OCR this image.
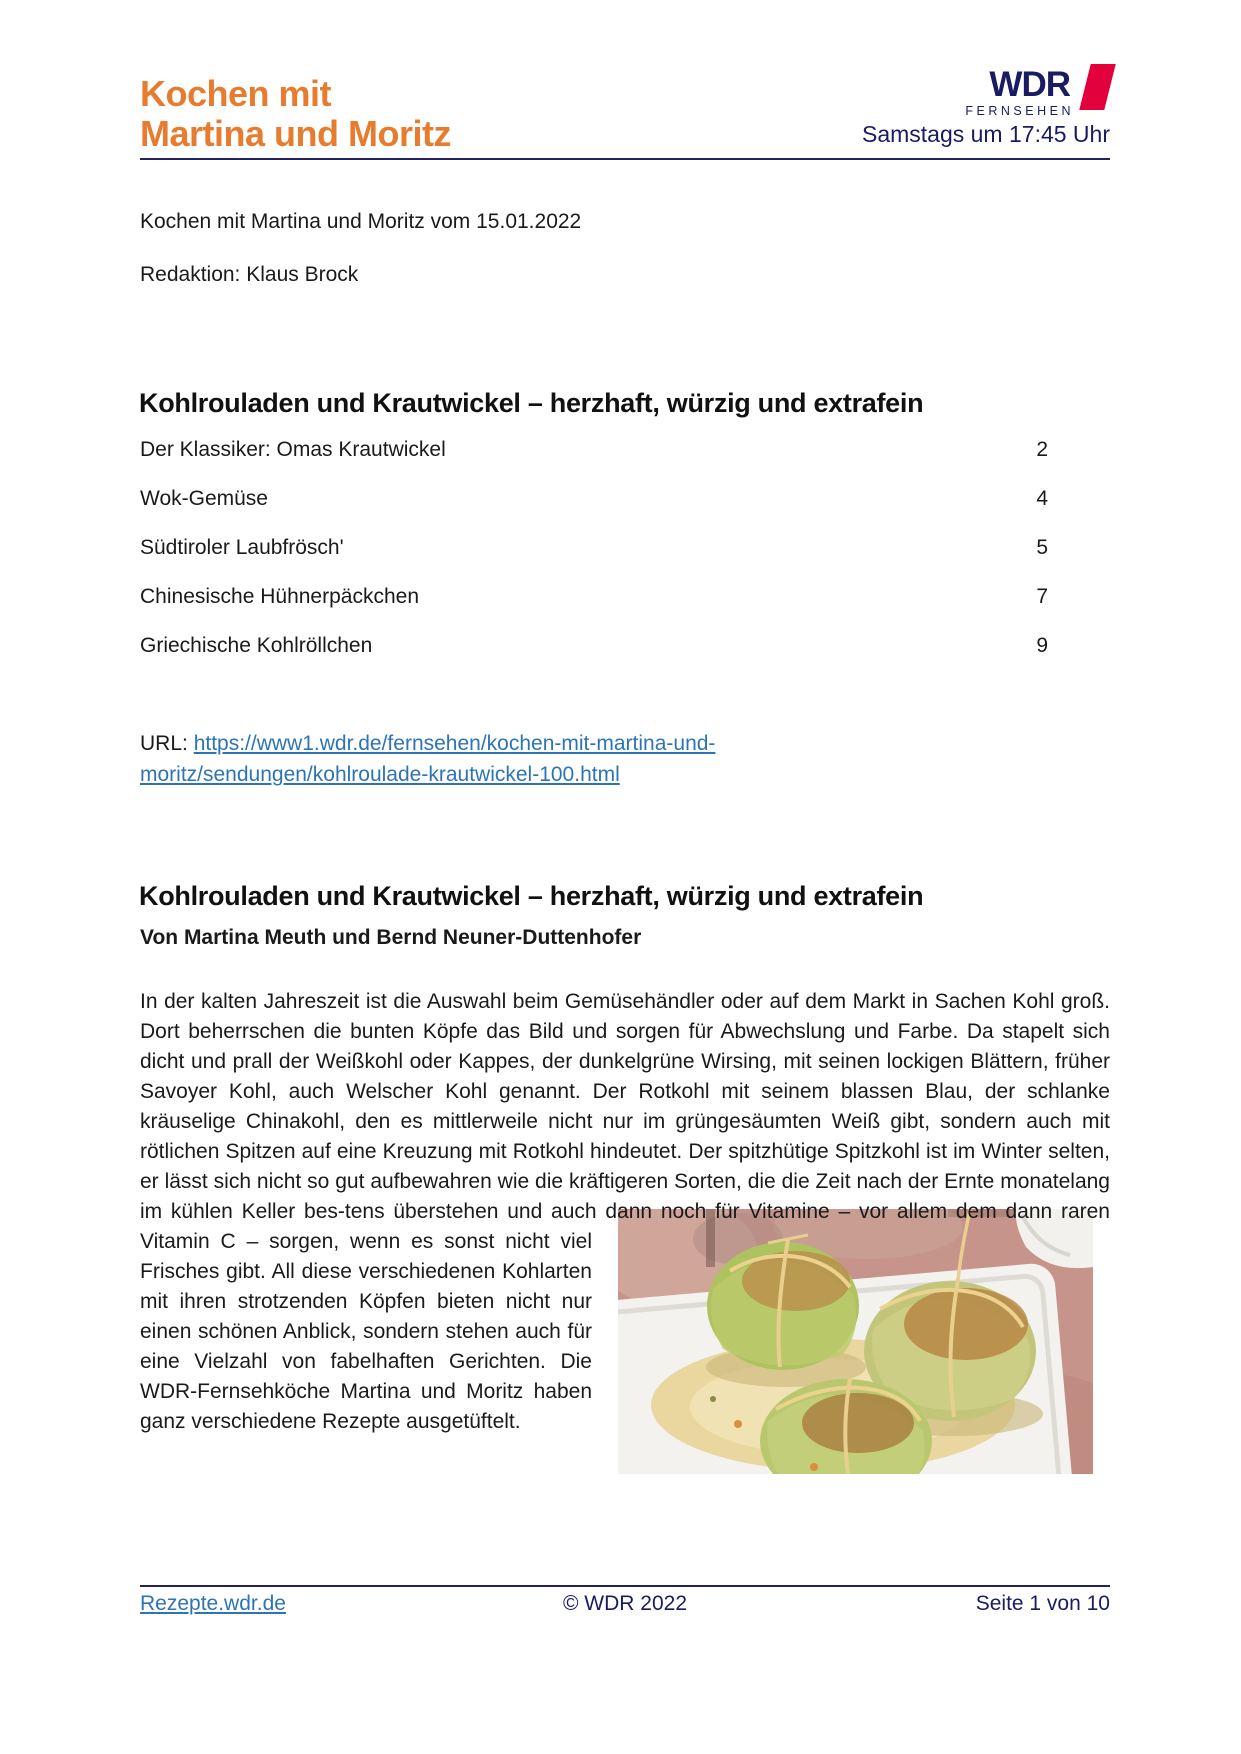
Kochen mit
Martina und Moritz
WDR
FERNSEHEN
Samstags um 17:45 Uhr
Kochen mit Martina und Moritz vom 15.01.2022
Redaktion: Klaus Brock
Kohlrouladen und Krautwickel – herzhaft, würzig und extrafein
Der Klassiker: Omas Krautwickel	2
Wok-Gemüse	4
Südtiroler Laubfrösch'	5
Chinesische Hühnerpäckchen	7
Griechische Kohlröllchen	9

URL: https://www1.wdr.de/fernsehen/kochen-mit-martina-und-moritz/sendungen/kohlroulade-krautwickel-100.html

Kohlrouladen und Krautwickel – herzhaft, würzig und extrafein
Von Martina Meuth und Bernd Neuner-Duttenhofer

In der kalten Jahreszeit ist die Auswahl beim Gemüsehändler oder auf dem Markt in Sachen Kohl groß. Dort beherrschen die bunten Köpfe das Bild und sorgen für Abwechslung und Farbe. Da stapelt sich dicht und prall der Weißkohl oder Kappes, der dunkelgrüne Wirsing, mit seinen lockigen Blättern, früher Savoyer Kohl, auch Welscher Kohl genannt. Der Rotkohl mit seinem blassen Blau, der schlanke kräuselige Chinakohl, den es mittlerweile nicht nur im grüngesäumten Weiß gibt, sondern auch mit rötlichen Spitzen auf eine Kreuzung mit Rotkohl hindeutet. Der spitzhütige Spitzkohl ist im Winter selten, er lässt sich nicht so gut aufbewahren wie die kräftigeren Sorten, die die Zeit nach der Ernte monatelang im kühlen Keller bes-
tens überstehen und auch dann noch für Vitamine – vor allem dem dann raren Vitamin C – sorgen, wenn es sonst nicht viel Frisches gibt. All diese verschiedenen Kohlarten mit ihren strotzenden Köpfen bieten nicht nur einen schönen Anblick, sondern stehen auch für eine Vielzahl von fabelhaften Gerichten. Die WDR-Fernsehköche Martina und Moritz haben ganz verschiedene Rezepte ausgetüftelt.

Rezepte.wdr.de	© WDR 2022	Seite 1 von 10
